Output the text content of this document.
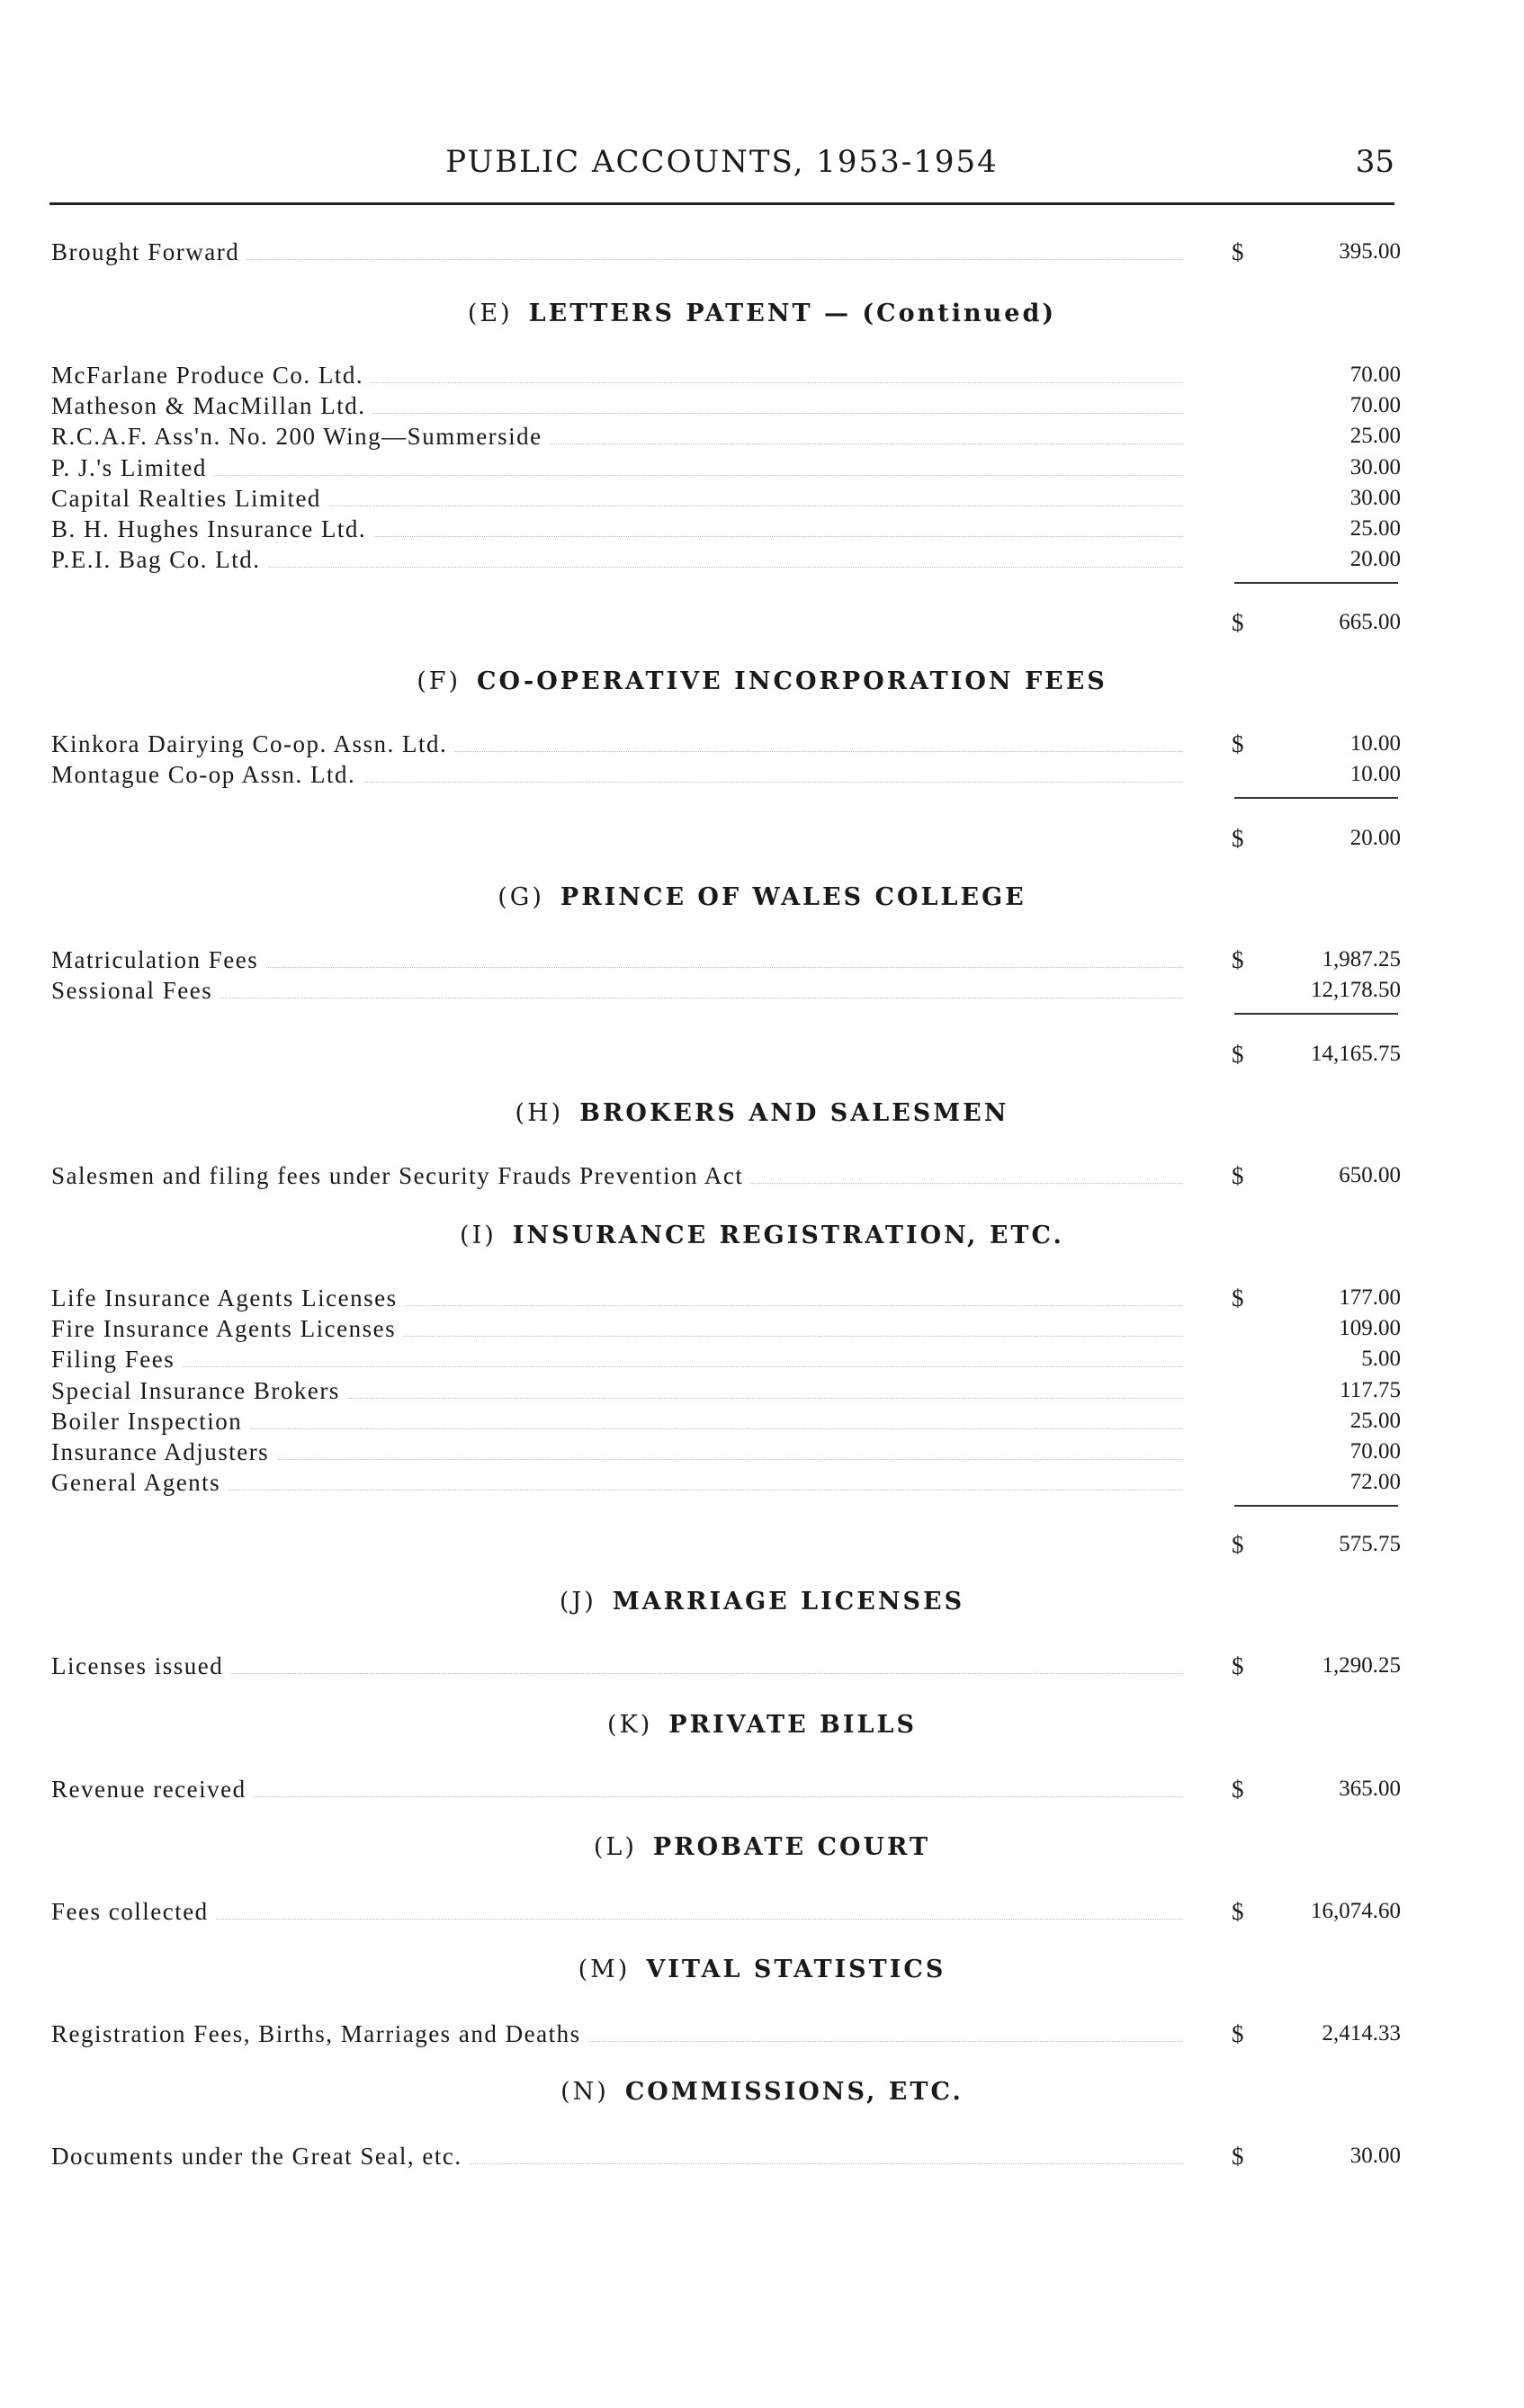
PUBLIC ACCOUNTS, 1953-1954	35
Brought Forward	$	395.00
(E) LETTERS PATENT — (Continued)
McFarlane Produce Co. Ltd.	70.00
Matheson & MacMillan Ltd.	70.00
R.C.A.F. Ass'n. No. 200 Wing—Summerside	25.00
P. J.'s Limited	30.00
Capital Realties Limited	30.00
B. H. Hughes Insurance Ltd.	25.00
P.E.I. Bag Co. Ltd.	20.00
$	665.00
(F) CO-OPERATIVE INCORPORATION FEES
Kinkora Dairying Co-op. Assn. Ltd.	$	10.00
Montague Co-op Assn. Ltd.	10.00
$	20.00
(G) PRINCE OF WALES COLLEGE
Matriculation Fees	$	1,987.25
Sessional Fees	12,178.50
$	14,165.75
(H) BROKERS AND SALESMEN
Salesmen and filing fees under Security Frauds Prevention Act	$	650.00
(I) INSURANCE REGISTRATION, ETC.
Life Insurance Agents Licenses	$	177.00
Fire Insurance Agents Licenses	109.00
Filing Fees	5.00
Special Insurance Brokers	117.75
Boiler Inspection	25.00
Insurance Adjusters	70.00
General Agents	72.00
$	575.75
(J) MARRIAGE LICENSES
Licenses issued	$	1,290.25
(K) PRIVATE BILLS
Revenue received	$	365.00
(L) PROBATE COURT
Fees collected	$	16,074.60
(M) VITAL STATISTICS
Registration Fees, Births, Marriages and Deaths	$	2,414.33
(N) COMMISSIONS, ETC.
Documents under the Great Seal, etc.	$	30.00
